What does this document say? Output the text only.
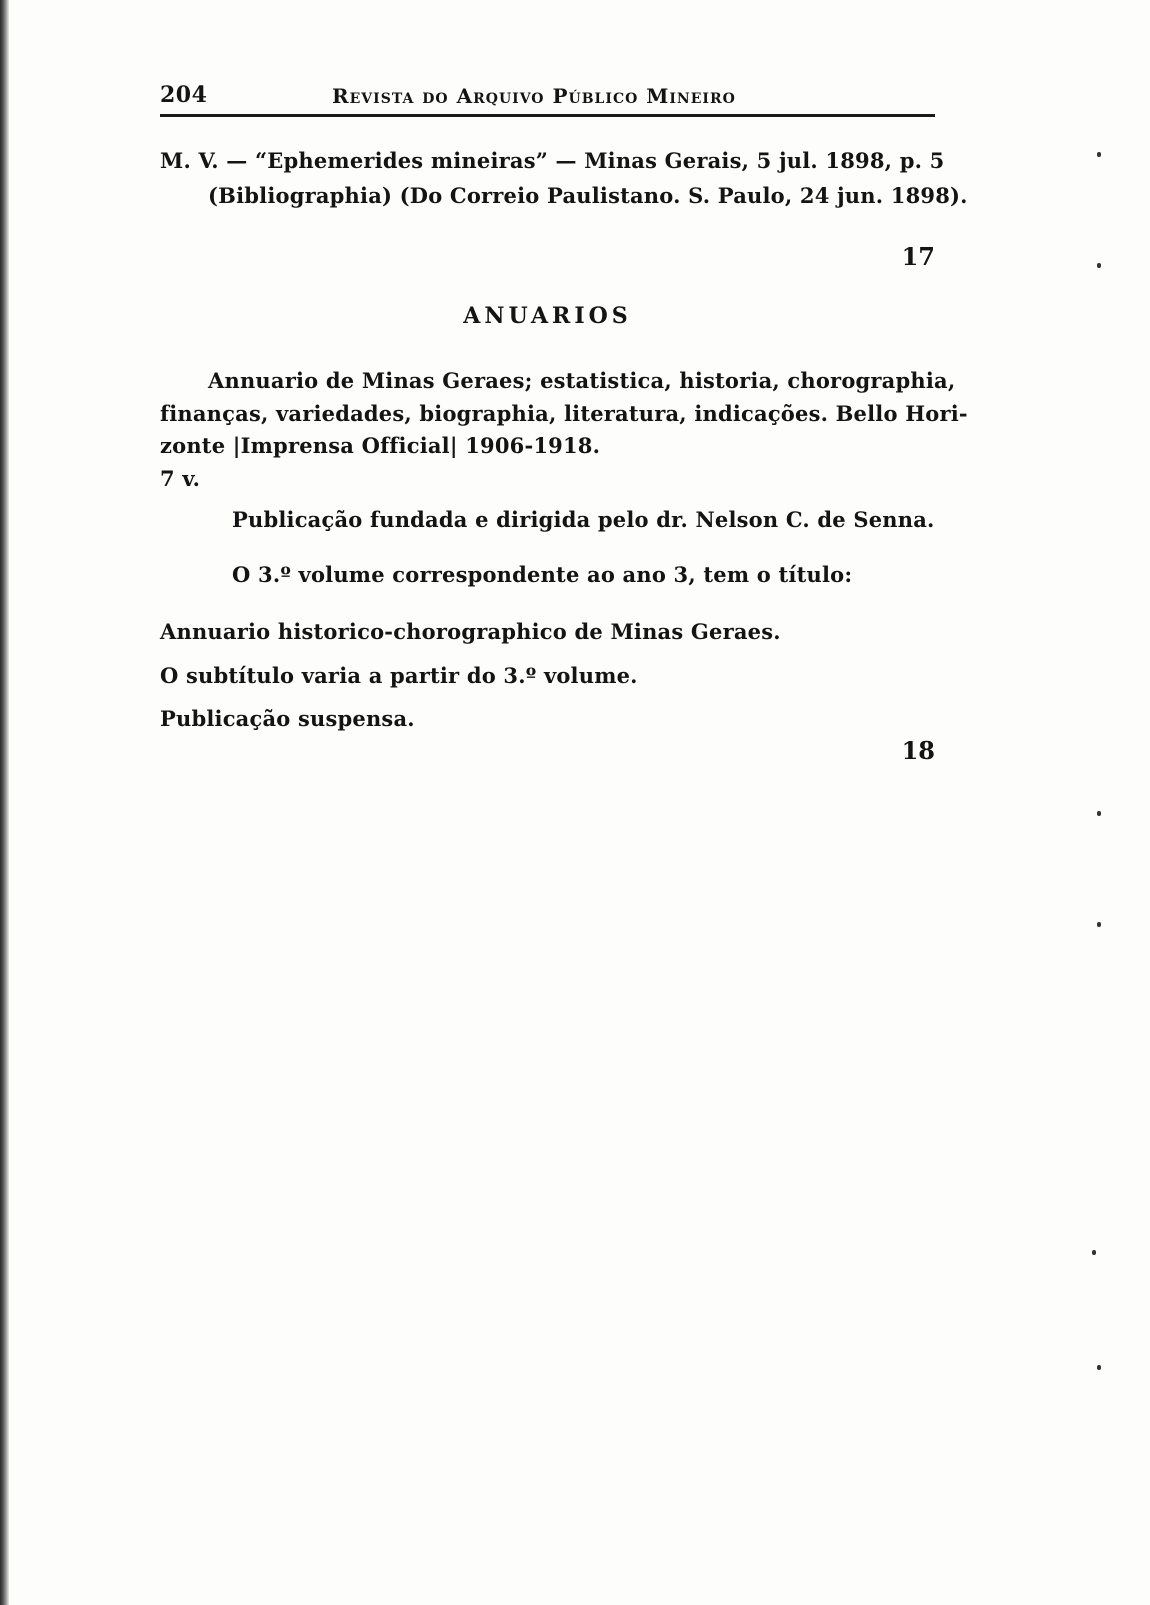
204	Revista do Arquivo Público Mineiro
M. V. — “Ephemerides mineiras” — Minas Gerais, 5 jul. 1898, p. 5
(Bibliographia) (Do Correio Paulistano. S. Paulo, 24 jun. 1898).
17
ANUARIOS
Annuario de Minas Geraes; estatistica, historia, chorographia,
finanças, variedades, biographia, literatura, indicações. Bello Hori-
zonte |Imprensa Official| 1906-1918.
7 v.
Publicação fundada e dirigida pelo dr. Nelson C. de Senna.
O 3.º volume correspondente ao ano 3, tem o título:
Annuario historico-chorographico de Minas Geraes.
O subtítulo varia a partir do 3.º volume.
Publicação suspensa.
18
